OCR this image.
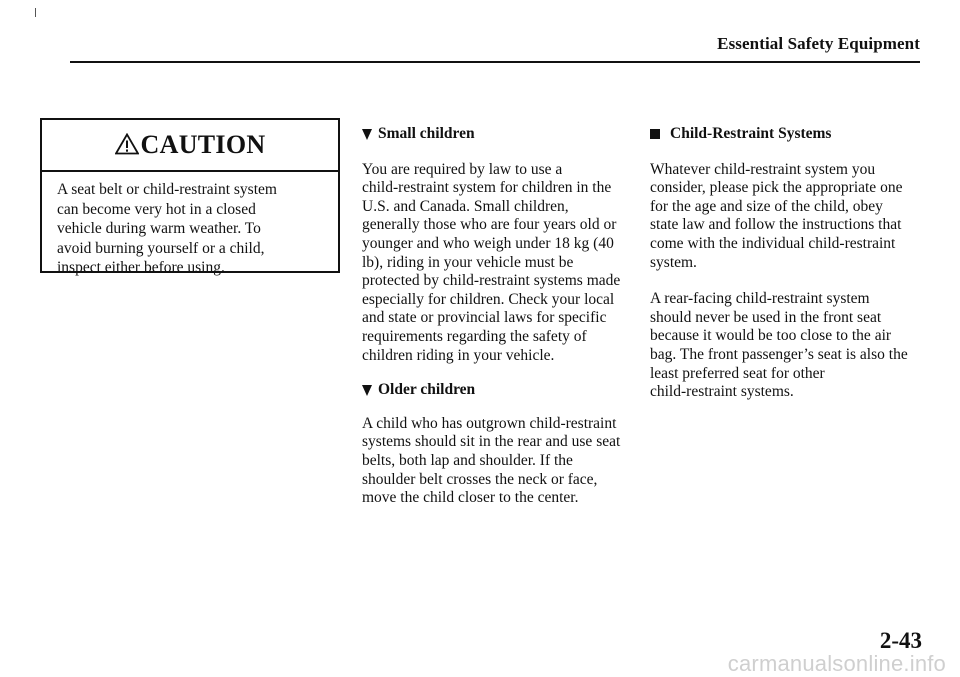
Essential Safety Equipment
CAUTION
A seat belt or child-restraint system
can become very hot in a closed
vehicle during warm weather. To
avoid burning yourself or a child,
inspect either before using.
Small children

You are required by law to use a
child-restraint system for children in the
U.S. and Canada. Small children,
generally those who are four years old or
younger and who weigh under 18 kg (40
lb), riding in your vehicle must be
protected by child-restraint systems made
especially for children. Check your local
and state or provincial laws for specific
requirements regarding the safety of
children riding in your vehicle.

Older children

A child who has outgrown child-restraint
systems should sit in the rear and use seat
belts, both lap and shoulder. If the
shoulder belt crosses the neck or face,
move the child closer to the center.

Child-Restraint Systems

Whatever child-restraint system you
consider, please pick the appropriate one
for the age and size of the child, obey
state law and follow the instructions that
come with the individual child-restraint
system.

A rear-facing child-restraint system
should never be used in the front seat
because it would be too close to the air
bag. The front passenger’s seat is also the
least preferred seat for other
child-restraint systems.

2-43
carmanualsonline.info
